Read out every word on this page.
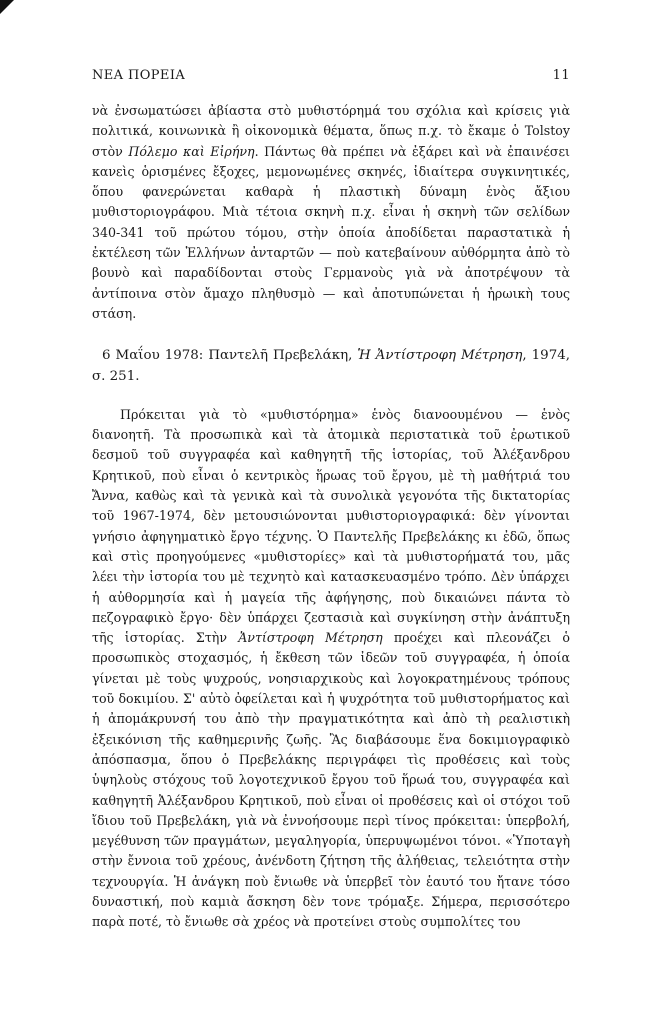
ΝΕΑ ΠΟΡΕΙΑ	11

νὰ ἐνσωματώσει ἀβίαστα στὸ μυθιστόρημά του σχόλια καὶ κρίσεις γιὰ πολιτικά, κοινωνικὰ ἢ οἰκονομικὰ θέματα, ὅπως π.χ. τὸ ἔκαμε ὁ Tolstoy στὸν Πόλεμο καὶ Εἰρήνη. Πάντως θὰ πρέπει νὰ ἐξάρει καὶ νὰ ἐπαινέσει κανεὶς ὁρισμένες ἔξοχες, μεμονωμένες σκηνές, ἰδιαίτερα συγκινητικές, ὅπου φανερώνεται καθαρὰ ἡ πλαστικὴ δύναμη ἑνὸς ἄξιου μυθιστοριογράφου. Μιὰ τέτοια σκηνὴ π.χ. εἶναι ἡ σκηνὴ τῶν σελίδων 340-341 τοῦ πρώτου τόμου, στὴν ὁποία ἀποδίδεται παραστατικὰ ἡ ἐκτέλεση τῶν Ἑλλήνων ἀνταρτῶν — ποὺ κατεβαίνουν αὐθόρμητα ἀπὸ τὸ βουνὸ καὶ παραδίδονται στοὺς Γερμανοὺς γιὰ νὰ ἀποτρέψουν τὰ ἀντίποινα στὸν ἄμαχο πληθυσμὸ — καὶ ἀποτυπώνεται ἡ ἡρωικὴ τους στάση.

6 Μαΐου 1978: Παντελῆ Πρεβελάκη, Ἡ Ἀντίστροφη Μέτρηση, 1974, σ. 251.

Πρόκειται γιὰ τὸ «μυθιστόρημα» ἑνὸς διανοουμένου — ἑνὸς διανοητῆ. Τὰ προσωπικὰ καὶ τὰ ἀτομικὰ περιστατικὰ τοῦ ἐρωτικοῦ δεσμοῦ τοῦ συγγραφέα καὶ καθηγητῆ τῆς ἱστορίας, τοῦ Ἀλέξανδρου Κρητικοῦ, ποὺ εἶναι ὁ κεντρικὸς ἥρωας τοῦ ἔργου, μὲ τὴ μαθήτριά του Ἄννα, καθὼς καὶ τὰ γενικὰ καὶ τὰ συνολικὰ γεγονότα τῆς δικτατορίας τοῦ 1967-1974, δὲν μετουσιώνονται μυθιστοριογραφικά: δὲν γίνονται γνήσιο ἀφηγηματικὸ ἔργο τέχνης. Ὁ Παντελῆς Πρεβελάκης κι ἐδῶ, ὅπως καὶ στὶς προηγούμενες «μυθιστορίες» καὶ τὰ μυθιστορήματά του, μᾶς λέει τὴν ἱστορία του μὲ τεχνητὸ καὶ κατασκευασμένο τρόπο. Δὲν ὑπάρχει ἡ αὐθορμησία καὶ ἡ μαγεία τῆς ἀφήγησης, ποὺ δικαιώνει πάντα τὸ πεζογραφικὸ ἔργο· δὲν ὑπάρχει ζεστασιὰ καὶ συγκίνηση στὴν ἀνάπτυξη τῆς ἱστορίας. Στὴν Ἀντίστροφη Μέτρηση προέχει καὶ πλεονάζει ὁ προσωπικὸς στοχασμός, ἡ ἔκθεση τῶν ἰδεῶν τοῦ συγγραφέα, ἡ ὁποία γίνεται μὲ τοὺς ψυχρούς, νοησιαρχικοὺς καὶ λογοκρατημένους τρόπους τοῦ δοκιμίου. Σ' αὐτὸ ὀφείλεται καὶ ἡ ψυχρότητα τοῦ μυθιστορήματος καὶ ἡ ἀπομάκρυνσή του ἀπὸ τὴν πραγματικότητα καὶ ἀπὸ τὴ ρεαλιστικὴ ἐξεικόνιση τῆς καθημερινῆς ζωῆς. Ἂς διαβάσουμε ἕνα δοκιμιογραφικὸ ἀπόσπασμα, ὅπου ὁ Πρεβελάκης περιγράφει τὶς προθέσεις καὶ τοὺς ὑψηλοὺς στόχους τοῦ λογοτεχνικοῦ ἔργου τοῦ ἥρωά του, συγγραφέα καὶ καθηγητῆ Ἀλέξανδρου Κρητικοῦ, ποὺ εἶναι οἱ προθέσεις καὶ οἱ στόχοι τοῦ ἴδιου τοῦ Πρεβελάκη, γιὰ νὰ ἐννοήσουμε περὶ τίνος πρόκειται: ὑπερβολή, μεγέθυνση τῶν πραγμάτων, μεγαληγορία, ὑπερυψωμένοι τόνοι. «Ὑποταγὴ στὴν ἔννοια τοῦ χρέους, ἀνένδοτη ζήτηση τῆς ἀλήθειας, τελειότητα στὴν τεχνουργία. Ἡ ἀνάγκη ποὺ ἔνιωθε νὰ ὑπερβεῖ τὸν ἑαυτό του ἤτανε τόσο δυναστική, ποὺ καμιὰ ἄσκηση δὲν τονε τρόμαξε. Σήμερα, περισσότερο παρὰ ποτέ, τὸ ἔνιωθε σὰ χρέος νὰ προτείνει στοὺς συμπολίτες του
